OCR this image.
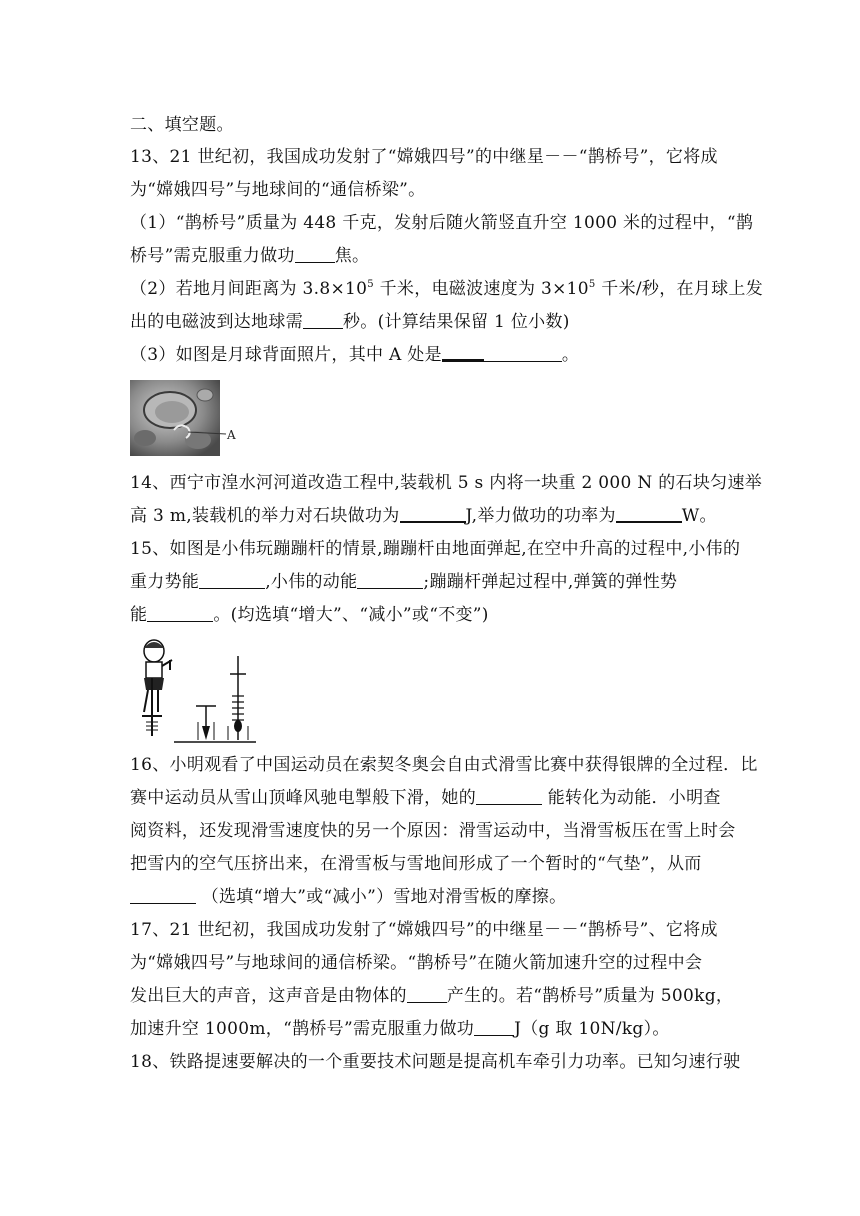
二、填空题。
13、21 世纪初，我国成功发射了“嫦娥四号”的中继星－－“鹊桥号”，它将成
为“嫦娥四号”与地球间的“通信桥梁”。
（1）“鹊桥号”质量为 448 千克，发射后随火箭竖直升空 1000 米的过程中，“鹊
桥号”需克服重力做功 焦。
（2）若地月间距离为 $3.8\times 10^5$ 千米，电磁波速度为 $3\times 10^5$ 千米/秒，在月球上发
出的电磁波到达地球需 秒。(计算结果保留 1 位小数)
（3）如图是月球背面照片，其中 A 处是	。
A
14、西宁市湟水河河道改造工程中,装载机 5 s 内将一块重 2 000 N 的石块匀速举
高 3 m,装载机的举力对石块做功为	J,举力做功的功率为	W。
15、如图是小伟玩蹦蹦杆的情景,蹦蹦杆由地面弹起,在空中升高的过程中,小伟的
重力势能	,小伟的动能	;蹦蹦杆弹起过程中,弹簧的弹性势
能	。(均选填“增大”、“减小”或“不变”)
16、小明观看了中国运动员在索契冬奥会自由式滑雪比赛中获得银牌的全过程．比
赛中运动员从雪山顶峰风驰电掣般下滑，她的	能转化为动能．小明查
阅资料，还发现滑雪速度快的另一个原因：滑雪运动中，当滑雪板压在雪上时会
把雪内的空气压挤出来，在滑雪板与雪地间形成了一个暂时的“气垫”，从而
（选填“增大”或“减小”）雪地对滑雪板的摩擦。
17、21 世纪初，我国成功发射了“嫦娥四号”的中继星－－“鹊桥号”、它将成
为“嫦娥四号”与地球间的通信桥梁。“鹊桥号”在随火箭加速升空的过程中会
发出巨大的声音，这声音是由物体的 产生的。若“鹊桥号”质量为 500kg，
加速升空 1000m，“鹊桥号”需克服重力做功 J（g 取 10N/kg）。
18、铁路提速要解决的一个重要技术问题是提高机车牵引力功率。已知匀速行驶
